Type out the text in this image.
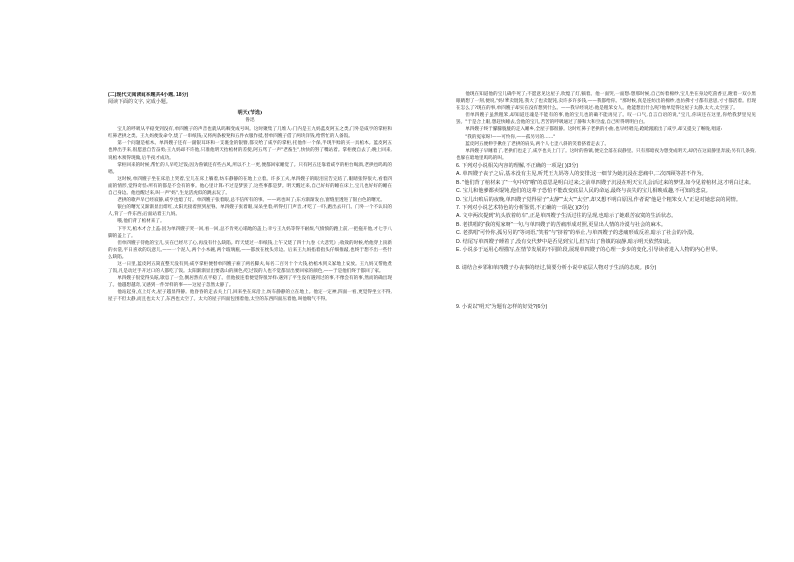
(二)现代文阅读Ⅱ(本题共4小题, 18分)
阅读下面的文字, 完成小题。
明天(节选)
鲁迅

宝儿的呼吸从平稳变到没有,单四嫂子的声音也就从呜咽变成号叫。这时聚集了几堆人:门内是王九妈蓝皮阿五之类,门外是咸亨的掌柜和红鼻老拱之类。王九妈便发命令,烧了一串纸钱;又将两条板凳和五件衣服作抵,替单四嫂子借了两块洋钱,给帮忙的人备饭。

第一个问题是棺木。单四嫂子还有一副银耳环和一支裹金的银簪,都交给了咸亨的掌柜,托他作一个保,半现半赊的买一具棺木。蓝皮阿五也伸出手来,很愿意自告奋勇;王九妈却不许他,只准他明天抬棺材的差使,阿五骂了一声"老畜生",快快的努了嘴站着。掌柜便自去了;晚上回来,说棺木须得现做,后半夜才成功。

掌柜回来的时候,帮忙的人早吃过饭;因为鲁镇还有些古风,所以不上一更,便都回家睡觉了。只有阿五还靠着咸亨的柜台喝酒,老拱也呜呜的唱。

这时候,单四嫂子坐在床沿上哭着,宝儿在床上躺着,纺车静静的在地上立着。许多工夫,单四嫂子的眼泪宣告完结了,眼睛张得很大,看着四面的情形,觉得奇怪:所有的都是不会有的事。他心里计算:不过是梦罢了,这些事都是梦。明天醒过来,自己好好的睡在床上,宝儿也好好的睡在自己身边。他也醒过来,叫一声"妈",生龙活虎似的跳去玩了。

老拱的歌声早已经寂静,咸亨也熄了灯。单四嫂子张着眼,总不信所有的事。——鸡也叫了;东方渐渐发白,窗缝里透进了银白色的曙光。

银白的曙光又渐渐显出绯红,太阳光接着照到屋脊。单四嫂子张着眼,呆呆坐着;听得打门声音,才吃了一吓,跑出去开门。门外一个不认识的人,背了一件东西;后面站着王九妈。

哦,他们背了棺材来了。

下半天,棺木才合上盖:因为单四嫂子哭一回,看一回,总不肯死心塌地的盖上;幸亏王九妈等得不耐烦,气愤愤的跑上前,一把拖开他,才七手八脚的盖上了。

但单四嫂子待他的宝儿,实在已经尽了心,再没有什么缺陷。昨天烧过一串纸钱,上午又烧了四十九卷《大悲咒》;收敛的时候,给他穿上顶新的衣裳,平日喜欢的玩意儿,——一个泥人,两个小木碗,两个玻璃瓶,——都放在枕头旁边。后来王九妈掐着指头仔细推敲,也终于想不出一些什么缺陷。

这一日里,蓝皮阿五简直整天没有到;咸亨掌柜便替单四嫂子雇了两名脚夫,每名二百另十个大钱,抬棺木到义冢地上安放。王九妈又帮他煮了饭,凡是动过手开过口的人都吃了饭。太阳渐渐显出要落山的颜色;吃过饭的人也不觉都显出要回家的颜色,——于是他们终于都回了家。

单四嫂子很觉得头眩,歇息了一会,倒居然有点平稳了。但他接连着便觉得很异样:遇到了平生没有遇到过的事,不像会有的事,然而的确出现了。他越想越奇,又感到一件异样的事——这屋子忽然太静了。

他站起身,点上灯火,屋子越显得静。他昏昏的走去关上门,回来坐在床沿上,纺车静静的立在地上。他定一定神,四面一看,更觉得坐立不得,屋子不但太静,而且也太大了,东西也太空了。太大的屋子四面包围着他,太空的东西四面压着他,叫他喘气不得。

他现在知道他的宝儿确乎死了;不愿意见这屋子,吹熄了灯,躺着。他一面哭,一面想:想那时候,自己纺着棉纱,宝儿坐在身边吃茴香豆,瞪着一双小黑眼睛想了一刻,便说,"妈!爹卖馄饨,我大了也卖馄饨,卖许多许多钱,——我都给你。"那时候,真是连纺出的棉纱,也仿佛寸寸都有意思,寸寸都活着。但现在怎么了?现在的事,单四嫂子却实在没有想到什么。——我早经说过:他是粗笨女人。他能想出什么呢?他单觉得这屋子太静,太大,太空罢了。

但单四嫂子虽然粗笨,却知道还魂是不能有的事,他的宝儿也的确不能再见了。叹一口气,自言自语的说,"宝儿,你该还在这里,你给我梦里见见罢。"于是合上眼,想赶快睡去,会他的宝儿,苦苦的呼吸通过了静和大和空虚,自己听得明明白白。

单四嫂子终于朦朦胧胧的走入睡乡,全屋子都很静。这时红鼻子老拱的小曲,也早经唱完;跄跄踉踉出了咸亨,却又提尖了喉咙,唱道:

"我的冤家呀!——可怜你,——孤另另的……"

蓝皮阿五便伸手揪住了老拱的肩头,两个人七歪八斜的笑着挤着走去了。

单四嫂子早睡着了,老拱们也走了,咸亨也关上门了。这时的鲁镇,便完全落在寂静里。只有那暗夜为想变成明天,却仍在这寂静里奔波;另有几条狗,也躲在暗地里呜呜的叫。

6. 下列对小说相关内容的理解,不正确的一项是( )(3分)

A. 单四嫂子丧子之后,基本没有主见,听凭王九妈等人的安排;这一细节为她沉浸在悲痛中,二次四顾等甚不作为。

B. "他们背了棺材来了"一句中的"哦"的意思是明白过来;之前单四嫂子沉浸在明天宝儿会活过来的梦里,如今见着棺材,这才明白过来。

C. 宝儿和他爹都卖馄饨,他们的这辈子恐怕不能改变底层人民的命运,最终与丧失的宝儿相映成趣,不可知的悲哀。

D. 宝儿出殡后的夜晚,单四嫂子觉得屋子"太静""太大""太空",却又想不明白原因,作者说"他是个粗笨女人"正是对她悲哀的同情。

7. 下列对小说艺术特色的分析鉴赏,不正确的一项是( )(3分)

A. 文中两次提到"坑头放着纺车",正是单四嫂子生活过往的呈现,也暗示了她艰苦寂寞的生活状态。

B. 老拱唱的"我的冤家呀"一句,与单四嫂子的苦痛形成对照,更显出人情的冷漠与社会的麻木。

C. 老拱唱"可怜你,孤另另的"等词语,"笑着"与"挤着"的举止,与单四嫂子的悲痛形成反差,暗示了社会的冷漠。

D. 结尾写单四嫂子睡着了,没有交代梦中是否见到宝儿,但写出了鲁镇的寂静,暗示明天依然如此。

E. 小说多于运用心理描写,在情节发展的不同阶段,展现单四嫂子的心理一步步的变化,引导读者进入人物的内心世界。

8. 请结合乡邻和单四嫂子办丧事的经过,简要分析小说中底层人物对于生活的态度。(6分)

9. 小说以"明天"为题有怎样的好处?(6分)
